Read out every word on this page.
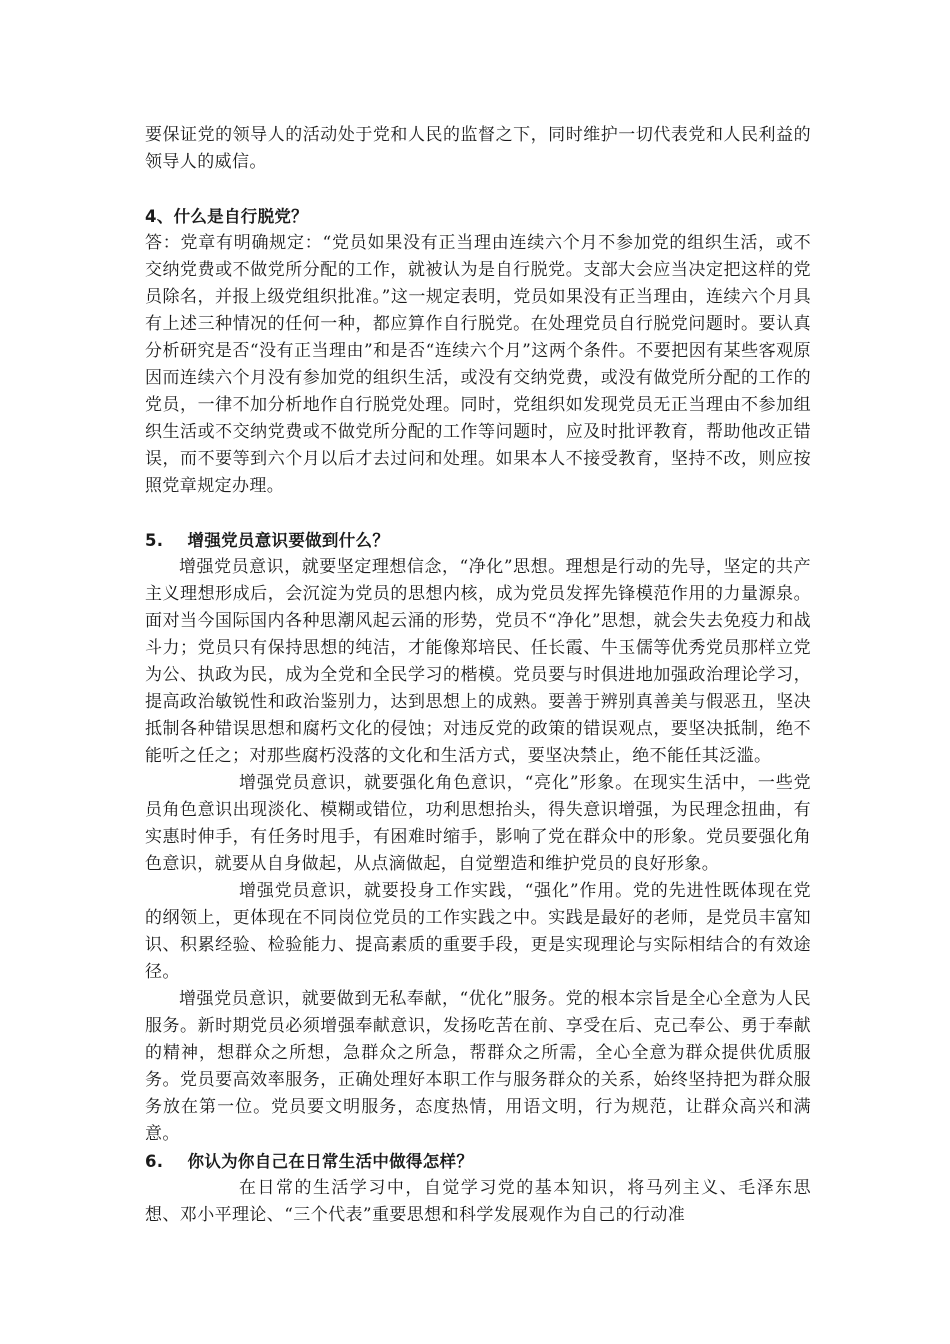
要保证党的领导人的活动处于党和人民的监督之下，同时维护一切代表党和人民利益的领导人的威信。

4、什么是自行脱党？

答：党章有明确规定：“党员如果没有正当理由连续六个月不参加党的组织生活，或不交纳党费或不做党所分配的工作，就被认为是自行脱党。支部大会应当决定把这样的党员除名，并报上级党组织批准。”这一规定表明，党员如果没有正当理由，连续六个月具有上述三种情况的任何一种，都应算作自行脱党。在处理党员自行脱党问题时。要认真分析研究是否“没有正当理由”和是否“连续六个月”这两个条件。不要把因有某些客观原因而连续六个月没有参加党的组织生活，或没有交纳党费，或没有做党所分配的工作的党员，一律不加分析地作自行脱党处理。同时，党组织如发现党员无正当理由不参加组织生活或不交纳党费或不做党所分配的工作等问题时，应及时批评教育，帮助他改正错误，而不要等到六个月以后才去过问和处理。如果本人不接受教育，坚持不改，则应按照党章规定办理。

5.    增强党员意识要做到什么？

增强党员意识，就要坚定理想信念，“净化”思想。理想是行动的先导，坚定的共产主义理想形成后，会沉淀为党员的思想内核，成为党员发挥先锋模范作用的力量源泉。面对当今国际国内各种思潮风起云涌的形势，党员不“净化”思想，就会失去免疫力和战斗力；党员只有保持思想的纯洁，才能像郑培民、任长霞、牛玉儒等优秀党员那样立党为公、执政为民，成为全党和全民学习的楷模。党员要与时俱进地加强政治理论学习，提高政治敏锐性和政治鉴别力，达到思想上的成熟。要善于辨别真善美与假恶丑，坚决抵制各种错误思想和腐朽文化的侵蚀；对违反党的政策的错误观点，要坚决抵制，绝不能听之任之；对那些腐朽没落的文化和生活方式，要坚决禁止，绝不能任其泛滥。

增强党员意识，就要强化角色意识，“亮化”形象。在现实生活中，一些党员角色意识出现淡化、模糊或错位，功利思想抬头，得失意识增强，为民理念扭曲，有实惠时伸手，有任务时甩手，有困难时缩手，影响了党在群众中的形象。党员要强化角色意识，就要从自身做起，从点滴做起，自觉塑造和维护党员的良好形象。

增强党员意识，就要投身工作实践，“强化”作用。党的先进性既体现在党的纲领上，更体现在不同岗位党员的工作实践之中。实践是最好的老师，是党员丰富知识、积累经验、检验能力、提高素质的重要手段，更是实现理论与实际相结合的有效途径。

增强党员意识，就要做到无私奉献，“优化”服务。党的根本宗旨是全心全意为人民服务。新时期党员必须增强奉献意识，发扬吃苦在前、享受在后、克己奉公、勇于奉献的精神，想群众之所想，急群众之所急，帮群众之所需，全心全意为群众提供优质服务。党员要高效率服务，正确处理好本职工作与服务群众的关系，始终坚持把为群众服务放在第一位。党员要文明服务，态度热情，用语文明，行为规范，让群众高兴和满意。

6.    你认为你自己在日常生活中做得怎样？

在日常的生活学习中，自觉学习党的基本知识，将马列主义、毛泽东思想、邓小平理论、“三个代表”重要思想和科学发展观作为自己的行动准
